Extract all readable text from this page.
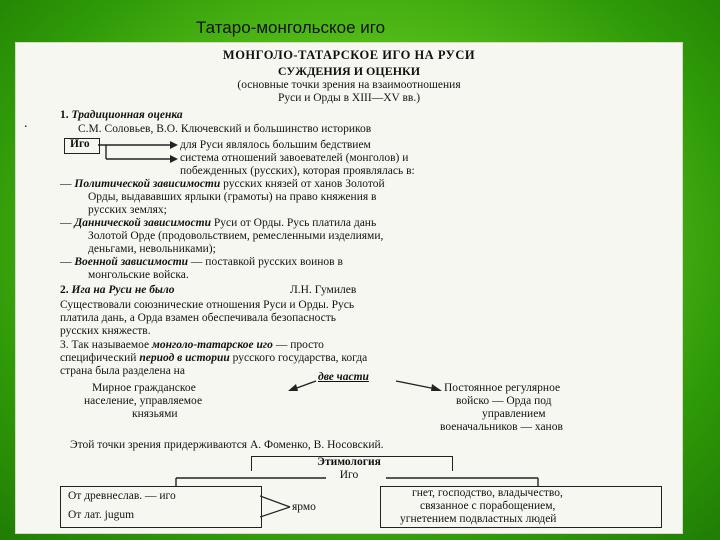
Татаро-монгольское иго
МОНГОЛО-ТАТАРСКОЕ ИГО НА РУСИ
СУЖДЕНИЯ И ОЦЕНКИ
(основные точки зрения на взаимоотношения
Руси и Орды в XIII—XV вв.)
.
1. Традиционная оценка
С.М. Соловьев, В.О. Ключевский и большинство историков
Иго	для Руси являлось большим бедствием
система отношений завоевателей (монголов) и
побежденных (русских), которая проявлялась в:
— Политической зависимости русских князей от ханов Золотой
Орды, выдававших ярлыки (грамоты) на право княжения в
русских землях;
— Даннической зависимости Руси от Орды. Русь платила дань
Золотой Орде (продовольствием, ремесленными изделиями,
деньгами, невольниками);
— Военной зависимости — поставкой русских воинов в
монгольские войска.
2. Ига на Руси не было	Л.Н. Гумилев
Существовали союзнические отношения Руси и Орды. Русь
платила дань, а Орда взамен обеспечивала безопасность
русских княжеств.
3. Так называемое монголо-татарское иго — просто
специфический период в истории русского государства, когда
страна была разделена на	две части
Мирное гражданское
население, управляемое
князьями
Постоянное регулярное
войско — Орда под
управлением
военачальников — ханов
Этой точки зрения придерживаются А. Фоменко, В. Носовский.
Этимология
Иго
От древнеслав. — иго
От лат. jugum
ярмо
гнет, господство, владычество,
связанное с порабощением,
угнетением подвластных людей
